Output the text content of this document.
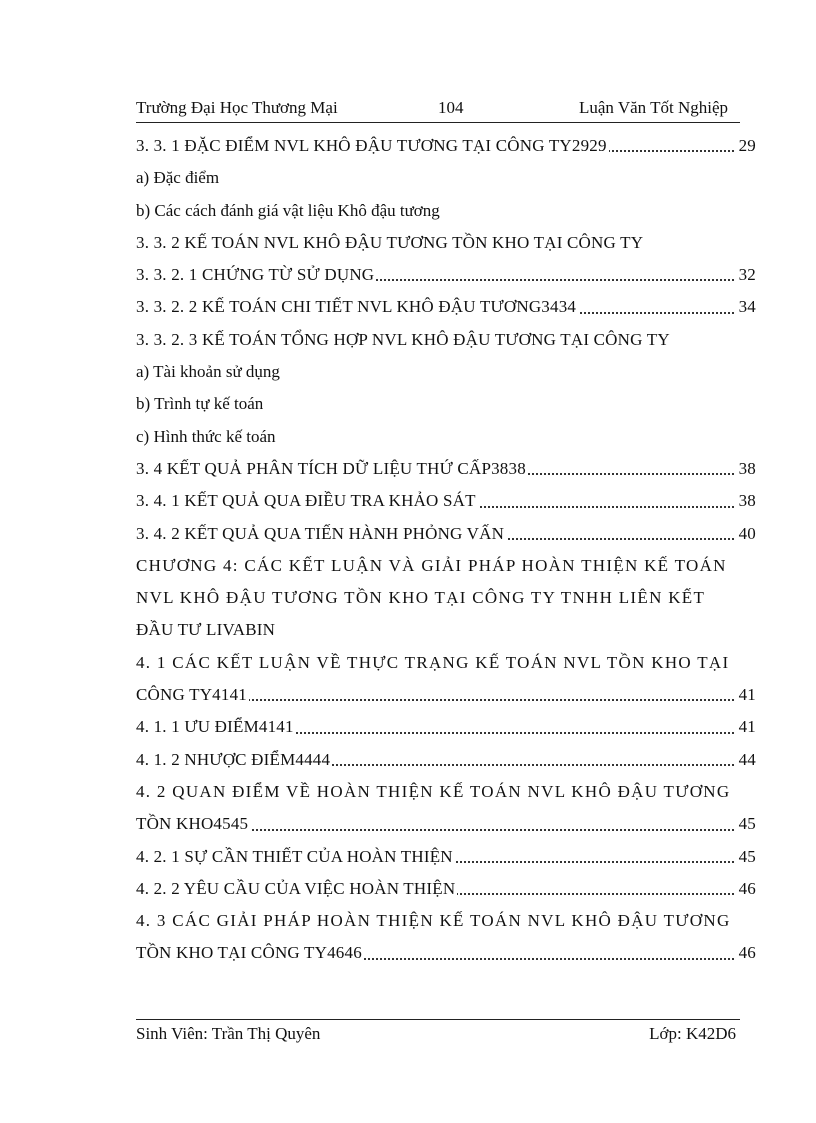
Trường Đại Học Thương Mại	104	Luận Văn Tốt Nghiệp
3. 3. 1 ĐẶC ĐIỂM NVL KHÔ ĐẬU TƯƠNG TẠI CÔNG TY2929	29
a) Đặc điểm
b) Các cách đánh giá vật liệu Khô đậu tương
3. 3. 2 KẾ TOÁN NVL KHÔ ĐẬU TƯƠNG TỒN KHO TẠI CÔNG TY
3. 3. 2. 1 CHỨNG TỪ SỬ DỤNG	32
3. 3. 2. 2 KẾ TOÁN CHI TIẾT NVL KHÔ ĐẬU TƯƠNG3434	34
3. 3. 2. 3 KẾ TOÁN TỔNG HỢP NVL KHÔ ĐẬU TƯƠNG TẠI CÔNG TY
a) Tài khoản sử dụng
b) Trình tự kế toán
c) Hình thức kế toán
3. 4 KẾT QUẢ PHÂN TÍCH DỮ LIỆU THỨ CẤP3838	38
3. 4. 1 KẾT QUẢ QUA ĐIỀU TRA KHẢO SÁT	38
3. 4. 2 KẾT QUẢ QUA TIẾN HÀNH PHỎNG VẤN	40
CHƯƠNG 4: CÁC KẾT LUẬN VÀ GIẢI PHÁP HOÀN THIỆN KẾ TOÁN
NVL KHÔ ĐẬU TƯƠNG TỒN KHO TẠI CÔNG TY TNHH LIÊN KẾT
ĐẦU TƯ LIVABIN
4. 1 CÁC KẾT LUẬN VỀ THỰC TRẠNG KẾ TOÁN NVL TỒN KHO TẠI
CÔNG TY4141	41
4. 1. 1 ƯU ĐIỂM4141	41
4. 1. 2 NHƯỢC ĐIỂM4444	44
4. 2 QUAN ĐIỂM VỀ HOÀN THIỆN KẾ TOÁN NVL KHÔ ĐẬU TƯƠNG
TỒN KHO4545	45
4. 2. 1 SỰ CẦN THIẾT CỦA HOÀN THIỆN	45
4. 2. 2 YÊU CẦU CỦA VIỆC HOÀN THIỆN	46
4. 3 CÁC GIẢI PHÁP HOÀN THIỆN KẾ TOÁN NVL KHÔ ĐẬU TƯƠNG
TỒN KHO TẠI CÔNG TY4646	46
Sinh Viên: Trần Thị Quyên	Lớp: K42D6
